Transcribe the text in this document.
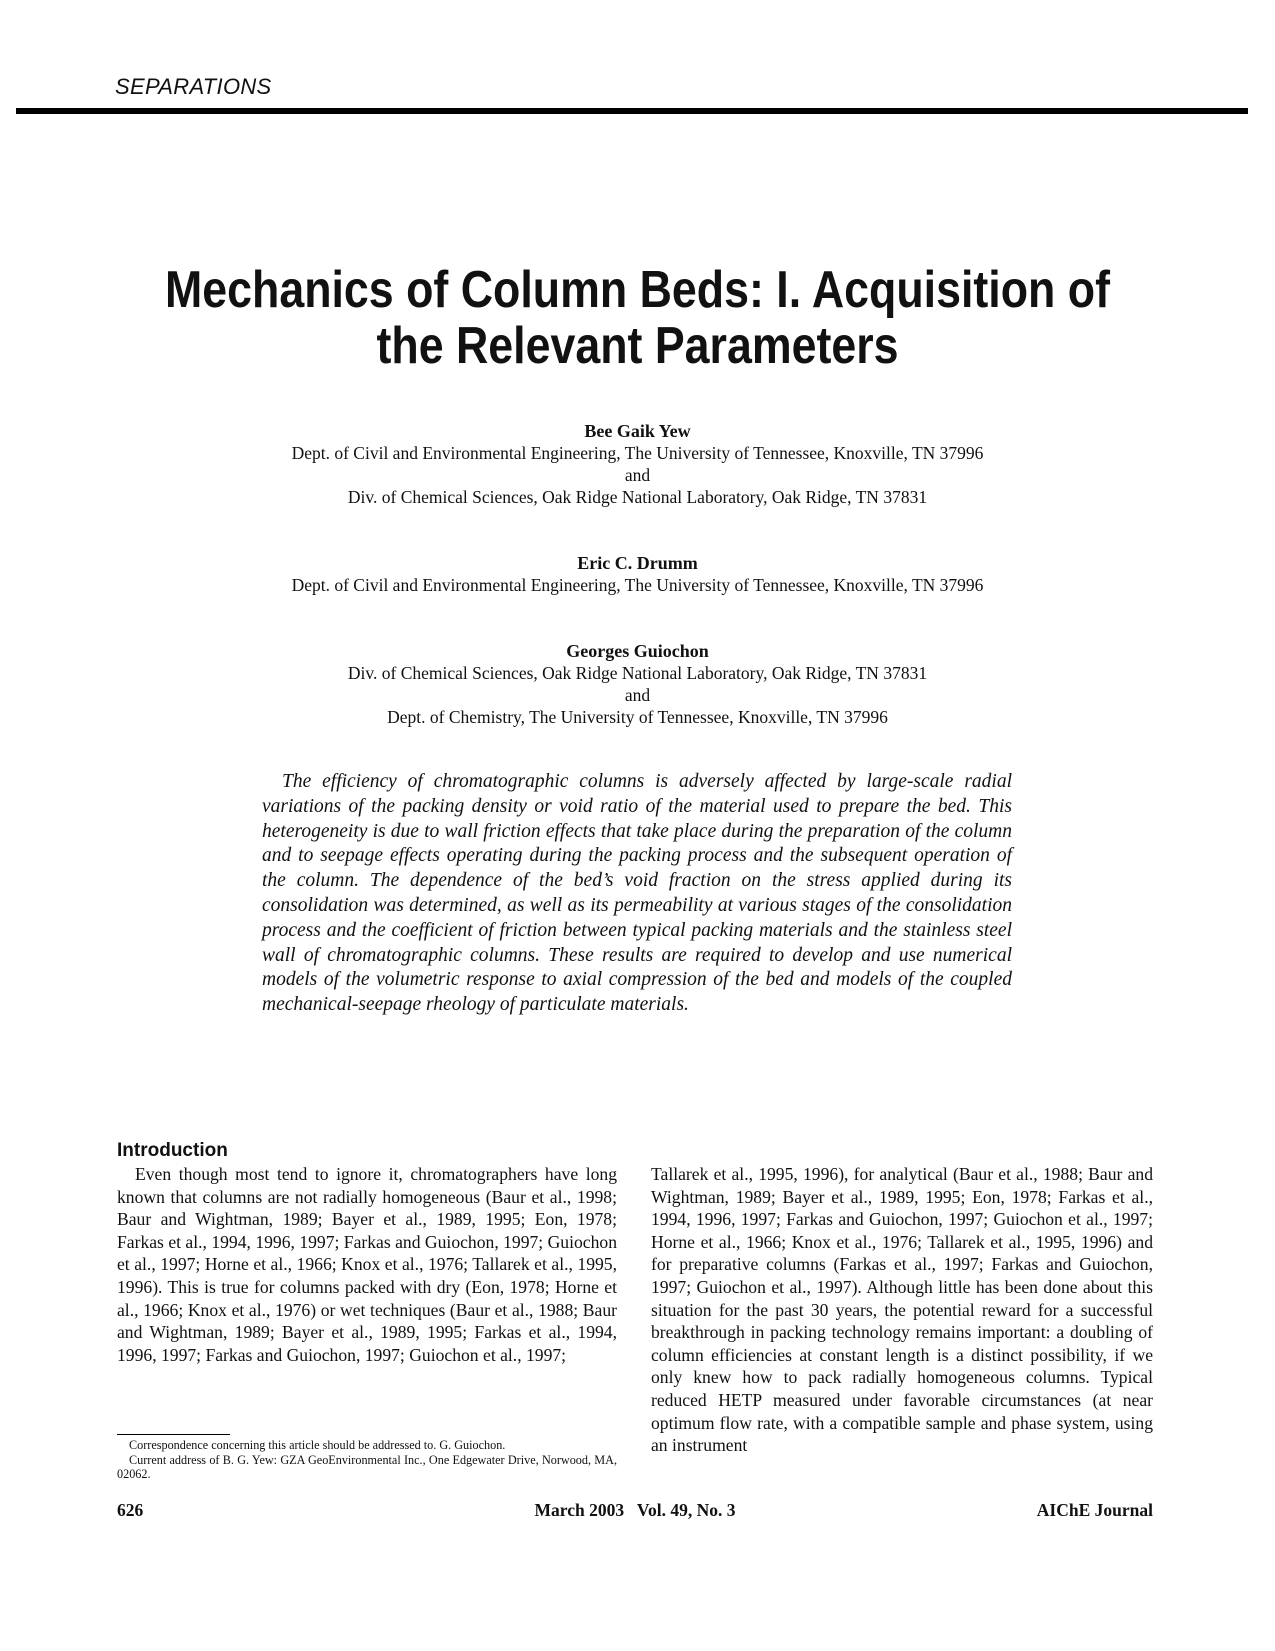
SEPARATIONS
Mechanics of Column Beds: I. Acquisition of the Relevant Parameters
Bee Gaik Yew
Dept. of Civil and Environmental Engineering, The University of Tennessee, Knoxville, TN 37996
and
Div. of Chemical Sciences, Oak Ridge National Laboratory, Oak Ridge, TN 37831
Eric C. Drumm
Dept. of Civil and Environmental Engineering, The University of Tennessee, Knoxville, TN 37996
Georges Guiochon
Div. of Chemical Sciences, Oak Ridge National Laboratory, Oak Ridge, TN 37831
and
Dept. of Chemistry, The University of Tennessee, Knoxville, TN 37996
The efficiency of chromatographic columns is adversely affected by large-scale radial variations of the packing density or void ratio of the material used to prepare the bed. This heterogeneity is due to wall friction effects that take place during the preparation of the column and to seepage effects operating during the packing process and the subsequent operation of the column. The dependence of the bed’s void fraction on the stress applied during its consolidation was determined, as well as its permeability at various stages of the consolidation process and the coefficient of friction between typical packing materials and the stainless steel wall of chromatographic columns. These results are required to develop and use numerical models of the volumetric response to axial compression of the bed and models of the coupled mechanical-seepage rheology of particulate materials.
Introduction
Even though most tend to ignore it, chromatographers have long known that columns are not radially homogeneous (Baur et al., 1998; Baur and Wightman, 1989; Bayer et al., 1989, 1995; Eon, 1978; Farkas et al., 1994, 1996, 1997; Farkas and Guiochon, 1997; Guiochon et al., 1997; Horne et al., 1966; Knox et al., 1976; Tallarek et al., 1995, 1996). This is true for columns packed with dry (Eon, 1978; Horne et al., 1966; Knox et al., 1976) or wet techniques (Baur et al., 1988; Baur and Wightman, 1989; Bayer et al., 1989, 1995; Farkas et al., 1994, 1996, 1997; Farkas and Guiochon, 1997; Guiochon et al., 1997;
Tallarek et al., 1995, 1996), for analytical (Baur et al., 1988; Baur and Wightman, 1989; Bayer et al., 1989, 1995; Eon, 1978; Farkas et al., 1994, 1996, 1997; Farkas and Guiochon, 1997; Guiochon et al., 1997; Horne et al., 1966; Knox et al., 1976; Tallarek et al., 1995, 1996) and for preparative columns (Farkas et al., 1997; Farkas and Guiochon, 1997; Guiochon et al., 1997). Although little has been done about this situation for the past 30 years, the potential reward for a successful breakthrough in packing technology remains important: a doubling of column efficiencies at constant length is a distinct possibility, if we only knew how to pack radially homogeneous columns. Typical reduced HETP measured under favorable circumstances (at near optimum flow rate, with a compatible sample and phase system, using an instrument

Correspondence concerning this article should be addressed to. G. Guiochon.

Current address of B. G. Yew: GZA GeoEnvironmental Inc., One Edgewater Drive, Norwood, MA, 02062.

626	March 2003   Vol. 49, No. 3	AIChE Journal
